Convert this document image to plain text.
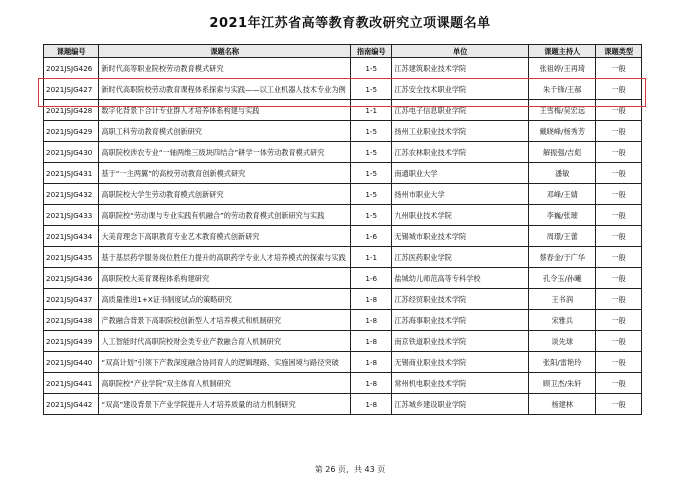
2021年江苏省高等教育教改研究立项课题名单
课题编号	课题名称	指南编号	单位	课题主持人	课题类型
2021JSJG426	新时代高等职业院校劳动教育模式研究	1-5	江苏建筑职业技术学院	张祖婷/王再琦	一般
2021JSJG427	新时代高职院校劳动教育课程体系探索与实践——以工业机器人技术专业为例	1-5	江苏安全技术职业学院	朱千锋/王郝	一般
2021JSJG428	数字化背景下合计专业群人才培养体系构建与实践	1-1	江苏电子信息职业学院	王雪梅/吴宏远	一般
2021JSJG429	高职工科劳动教育模式创新研究	1-5	扬州工业职业技术学院	戴晓峰/杨秀芳	一般
2021JSJG430	高职院校涉农专业“一轴两维三级块四结合”耕学一体劳动教育模式研究	1-5	江苏农林职业技术学院	解振强/吉彪	一般
2021JSJG431	基于“一主两翼”的高校劳动教育创新模式研究	1-5	南通职业大学	潘敏	一般
2021JSJG432	高职院校大学生劳动教育模式创新研究	1-5	扬州市职业大学	邓峰/王婧	一般
2021JSJG433	高职院校“劳动课与专业实践有机融合”的劳动教育模式创新研究与实践	1-5	九州职业技术学院	李巍/张璀	一般
2021JSJG434	大美育理念下高职教育专业艺术教育模式创新研究	1-6	无锡城市职业技术学院	周璟/王蕾	一般
2021JSJG435	基于基层药学服务岗位胜任力提升的高职药学专业人才培养模式的探索与实践	1-1	江苏医药职业学院	蔡春金/于广华	一般
2021JSJG436	高职院校大美育课程体系构建研究	1-6	盐城幼儿师范高等专科学校	孔令玉/孙曦	一般
2021JSJG437	高质量推进1+X证书制度试点的策略研究	1-8	江苏经贸职业技术学院	王书润	一般
2021JSJG438	产教融合背景下高职院校创新型人才培养模式和机制研究	1-8	江苏海事职业技术学院	宋雅兵	一般
2021JSJG439	人工智能时代高职院校财会类专业产教融合育人机制研究	1-8	南京铁道职业技术学院	谈先球	一般
2021JSJG440	“双高计划”引领下产教深度融合协同育人的逻辑理路、实施困境与路径突破	1-8	无锡商业职业技术学院	张阳/雷艳玲	一般
2021JSJG441	高职院校“产业学院”双主体育人机制研究	1-8	常州机电职业技术学院	顾卫杰/朱轩	一般
2021JSJG442	“双高”建设背景下产业学院提升人才培养质量的动力机制研究	1-8	江苏城乡建设职业学院	杨建林	一般
第 26 页，共 43 页
